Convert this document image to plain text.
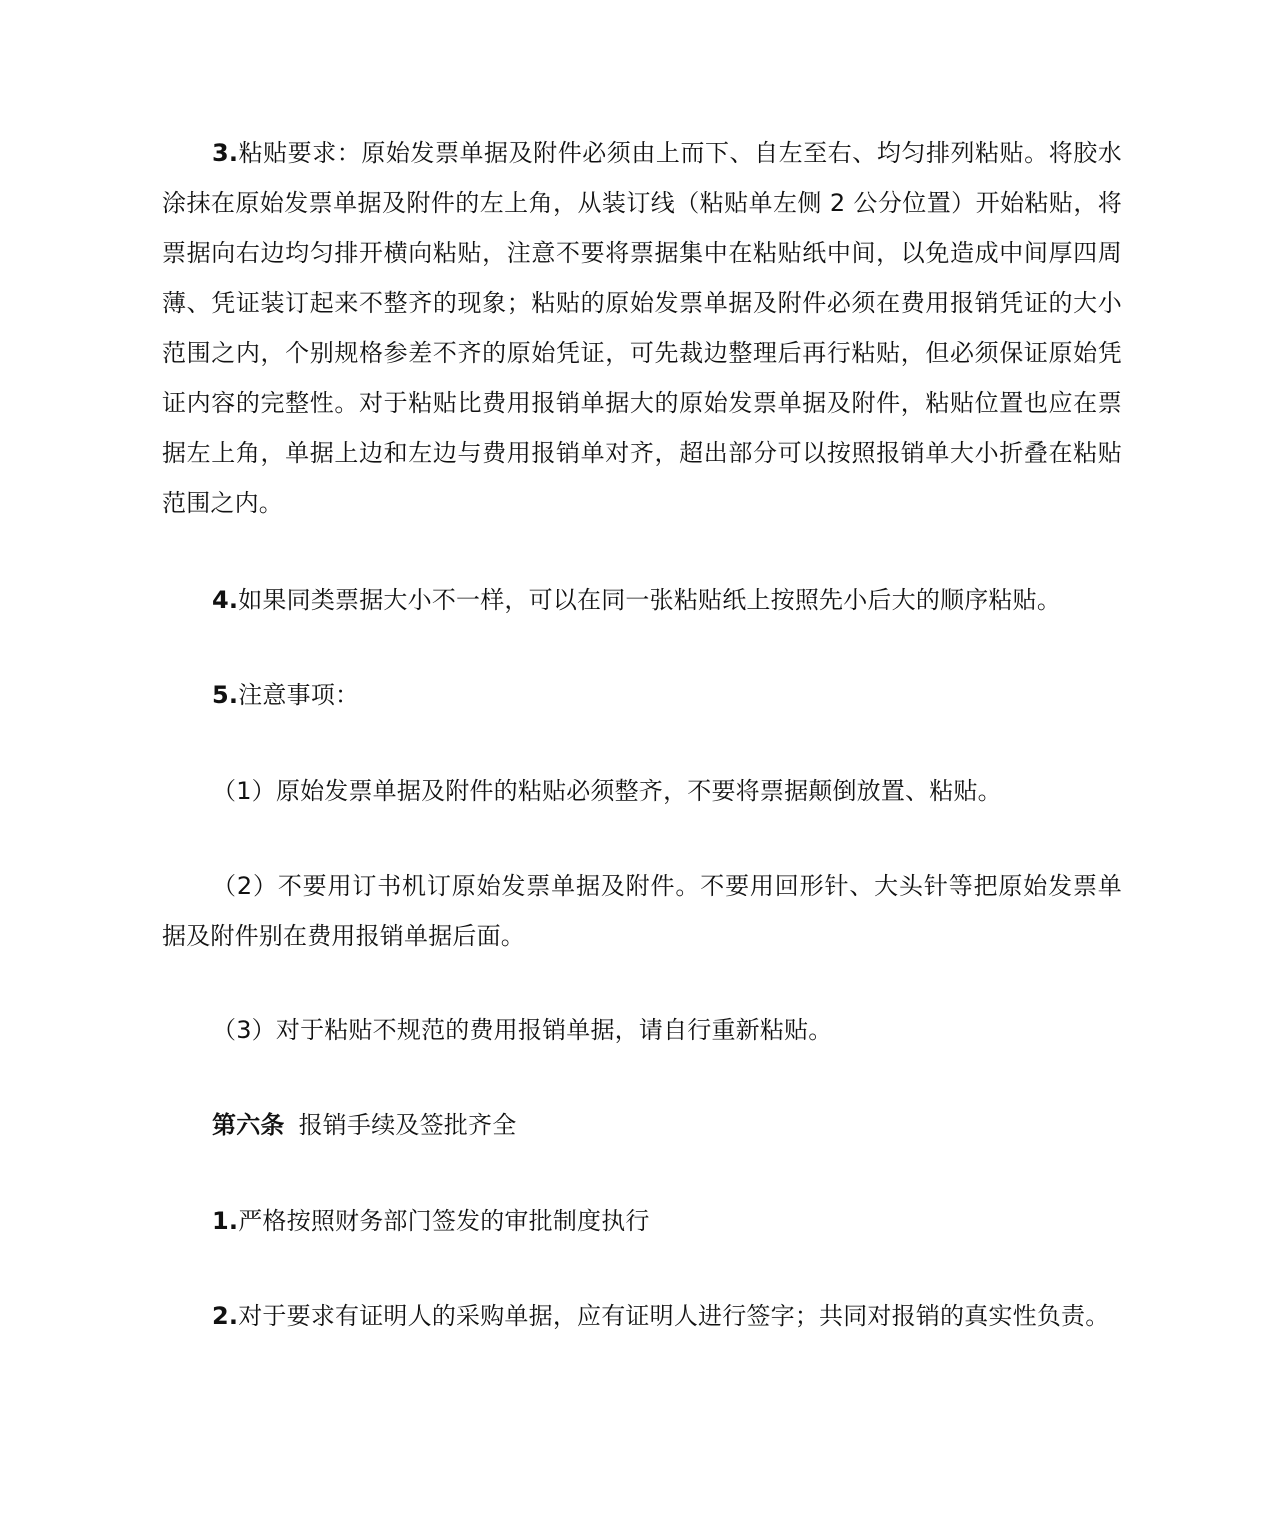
3.粘贴要求：原始发票单据及附件必须由上而下、自左至右、均匀排列粘贴。将胶水涂抹在原始发票单据及附件的左上角，从装订线（粘贴单左侧 2 公分位置）开始粘贴，将票据向右边均匀排开横向粘贴，注意不要将票据集中在粘贴纸中间，以免造成中间厚四周薄、凭证装订起来不整齐的现象；粘贴的原始发票单据及附件必须在费用报销凭证的大小范围之内，个别规格参差不齐的原始凭证，可先裁边整理后再行粘贴，但必须保证原始凭证内容的完整性。对于粘贴比费用报销单据大的原始发票单据及附件，粘贴位置也应在票据左上角，单据上边和左边与费用报销单对齐，超出部分可以按照报销单大小折叠在粘贴范围之内。

4.如果同类票据大小不一样，可以在同一张粘贴纸上按照先小后大的顺序粘贴。

5.注意事项：

（1）原始发票单据及附件的粘贴必须整齐，不要将票据颠倒放置、粘贴。

（2）不要用订书机订原始发票单据及附件。不要用回形针、大头针等把原始发票单据及附件别在费用报销单据后面。

（3）对于粘贴不规范的费用报销单据，请自行重新粘贴。

第六条 报销手续及签批齐全

1.严格按照财务部门签发的审批制度执行

2.对于要求有证明人的采购单据，应有证明人进行签字；共同对报销的真实性负责。
